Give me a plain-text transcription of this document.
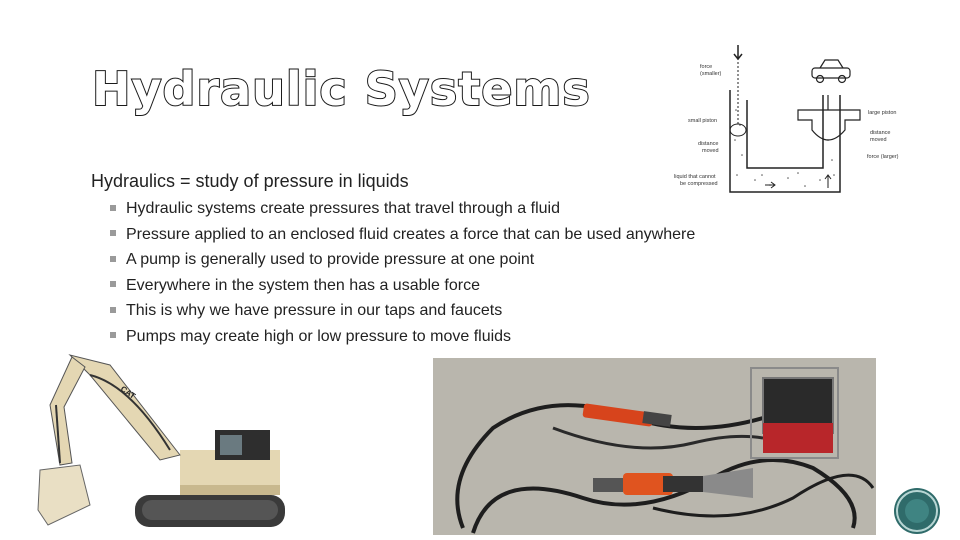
Hydraulic Systems
Hydraulics = study of pressure in liquids
Hydraulic systems create pressures that travel through a fluid
Pressure applied to an enclosed fluid creates a force that can be used anywhere
A pump is generally used to provide pressure at one point
Everywhere in the system then has a usable force
This is why we have pressure in our taps and faucets
Pumps may create high or low pressure to move fluids
force
(smaller)
small piston
distance
moved
liquid that cannot
be compressed
large piston
distance
moved
force (larger)
CAT
